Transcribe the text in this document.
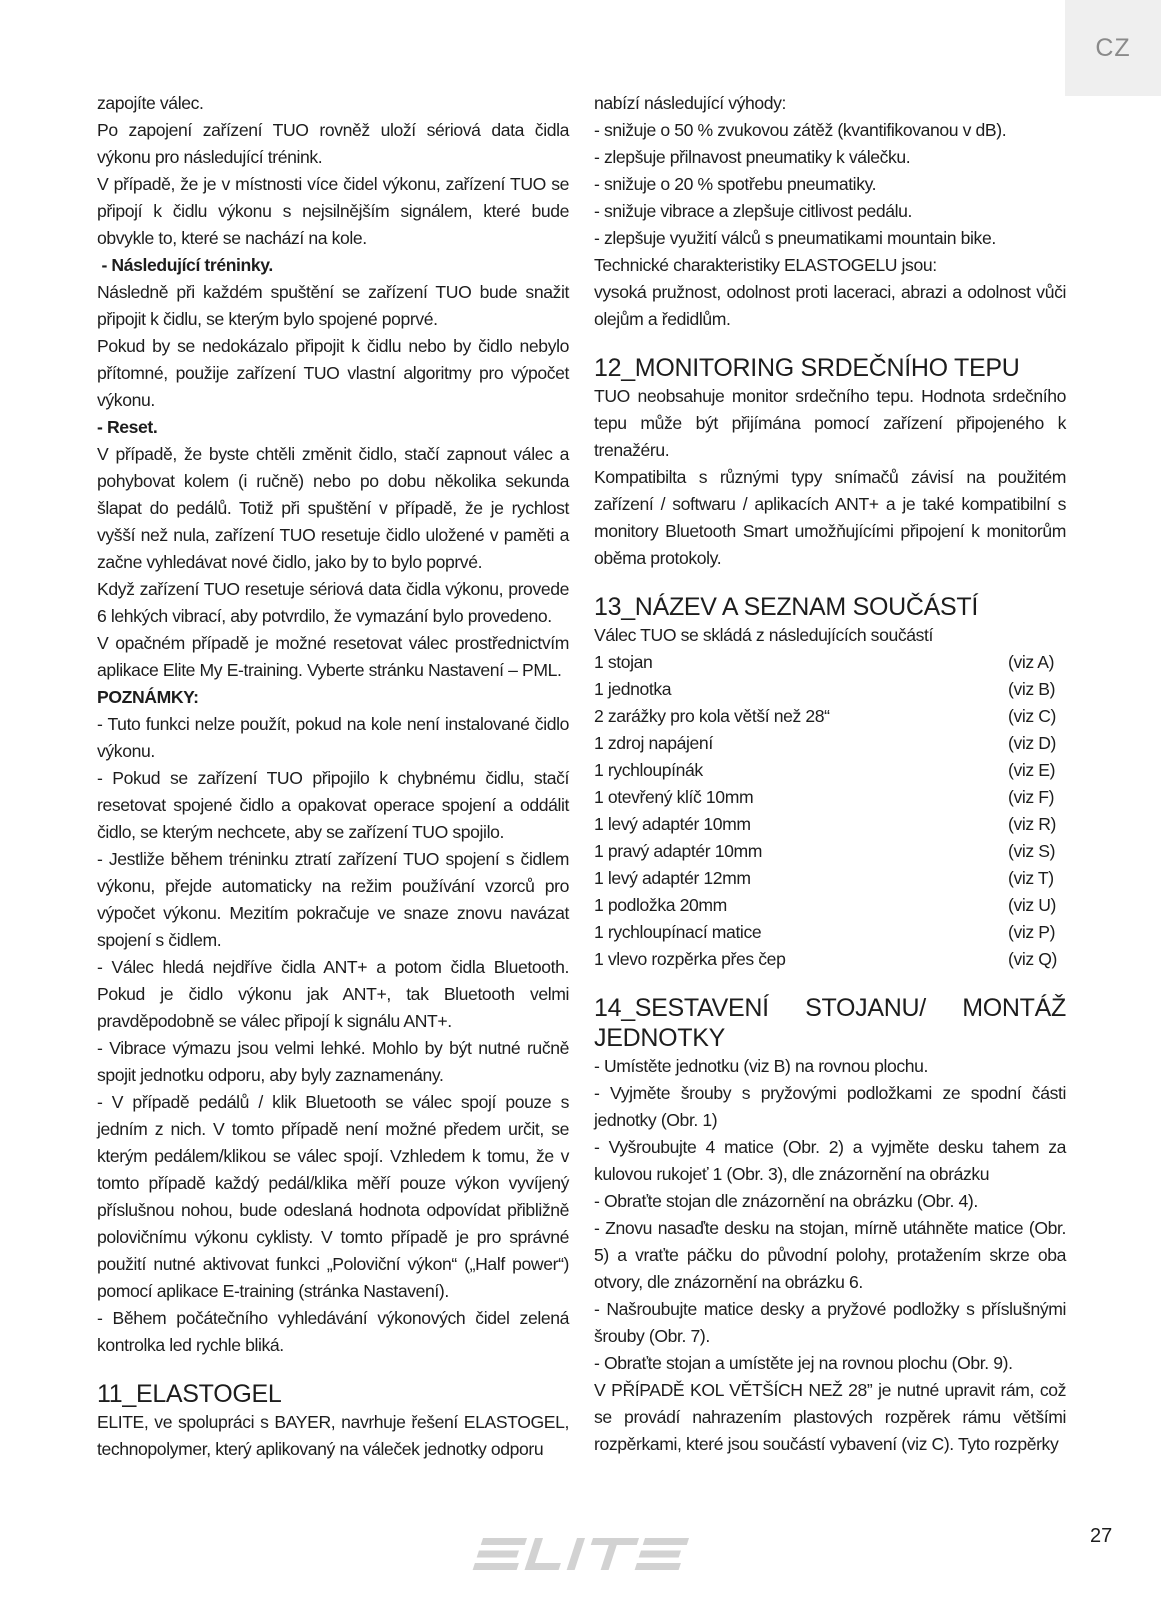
CZ

zapojíte válec.

Po zapojení zařízení TUO rovněž uloží sériová data čidla výkonu pro následující trénink.

V případě, že je v místnosti více čidel výkonu, zařízení TUO se připojí k čidlu výkonu s nejsilnějším signálem, které bude obvykle to, které se nachází na kole.

- Následující tréninky.

Následně při každém spuštění se zařízení TUO bude snažit připojit k čidlu, se kterým bylo spojené poprvé.

Pokud by se nedokázalo připojit k čidlu nebo by čidlo nebylo přítomné, použije zařízení TUO vlastní algoritmy pro výpočet výkonu.

- Reset.

V případě, že byste chtěli změnit čidlo, stačí zapnout válec a pohybovat kolem (i ručně) nebo po dobu několika sekunda šlapat do pedálů. Totiž při spuštění v případě, že je rychlost vyšší než nula, zařízení TUO resetuje čidlo uložené v paměti a začne vyhledávat nové čidlo, jako by to bylo poprvé.

Když zařízení TUO resetuje sériová data čidla výkonu, provede 6 lehkých vibrací, aby potvrdilo, že vymazání bylo provedeno.

V opačném případě je možné resetovat válec prostřednictvím aplikace Elite My E-training. Vyberte stránku Nastavení – PML.

POZNÁMKY:

- Tuto funkci nelze použít, pokud na kole není instalované čidlo výkonu.

- Pokud se zařízení TUO připojilo k chybnému čidlu, stačí resetovat spojené čidlo a opakovat operace spojení a oddálit čidlo, se kterým nechcete, aby se zařízení TUO spojilo.

- Jestliže během tréninku ztratí zařízení TUO spojení s čidlem výkonu, přejde automaticky na režim používání vzorců pro výpočet výkonu. Mezitím pokračuje ve snaze znovu navázat spojení s čidlem.

- Válec hledá nejdříve čidla ANT+ a potom čidla Bluetooth. Pokud je čidlo výkonu jak ANT+, tak Bluetooth velmi pravděpodobně se válec připojí k signálu ANT+.

- Vibrace výmazu jsou velmi lehké. Mohlo by být nutné ručně spojit jednotku odporu, aby byly zaznamenány.

- V případě pedálů / klik Bluetooth se válec spojí pouze s jedním z nich. V tomto případě není možné předem určit, se kterým pedálem/klikou se válec spojí. Vzhledem k tomu, že v tomto případě každý pedál/klika měří pouze výkon vyvíjený příslušnou nohou, bude odeslaná hodnota odpovídat přibližně polovičnímu výkonu cyklisty. V tomto případě je pro správné použití nutné aktivovat funkci „Poloviční výkon“ („Half power“) pomocí aplikace E-training (stránka Nastavení).

- Během počátečního vyhledávání výkonových čidel zelená kontrolka led rychle bliká.

11_ELASTOGEL

ELITE, ve spolupráci s BAYER, navrhuje řešení ELASTOGEL, technopolymer, který aplikovaný na váleček jednotky odporu

nabízí následující výhody:

- snižuje o 50 % zvukovou zátěž (kvantifikovanou v dB).

- zlepšuje přilnavost pneumatiky k válečku.

- snižuje o 20 % spotřebu pneumatiky.

- snižuje vibrace a zlepšuje citlivost pedálu.

- zlepšuje využití válců s pneumatikami mountain bike.

Technické charakteristiky ELASTOGELU jsou:

vysoká pružnost, odolnost proti laceraci, abrazi a odolnost vůči olejům a ředidlům.

12_MONITORING SRDEČNÍHO TEPU

TUO neobsahuje monitor srdečního tepu. Hodnota srdečního tepu může být přijímána pomocí zařízení připojeného k trenažéru.

Kompatibilta s různými typy snímačů závisí na použitém zařízení / softwaru / aplikacích ANT+ a je také kompatibilní s monitory Bluetooth Smart umožňujícími připojení k monitorům oběma protokoly.

13_NÁZEV A SEZNAM SOUČÁSTÍ

Válec TUO se skládá z následujících součástí

1 stojan	(viz A)
1 jednotka	(viz B)
2 zarážky pro kola větší než 28“	(viz C)
1 zdroj napájení	(viz D)
1 rychloupínák	(viz E)
1 otevřený klíč 10mm	(viz F)
1 levý adaptér 10mm	(viz R)
1 pravý adaptér 10mm	(viz S)
1 levý adaptér 12mm	(viz T)
1 podložka 20mm	(viz U)
1 rychloupínací matice	(viz P)
1 vlevo rozpěrka přes čep	(viz Q)
14_SESTAVENÍ STOJANU/ MONTÁŽ
JEDNOTKY

- Umístěte jednotku (viz B) na rovnou plochu.

- Vyjměte šrouby s pryžovými podložkami ze spodní části jednotky (Obr. 1)

- Vyšroubujte 4 matice (Obr. 2) a vyjměte desku tahem za kulovou rukojeť 1 (Obr. 3), dle znázornění na obrázku

- Obraťte stojan dle znázornění na obrázku (Obr. 4).

- Znovu nasaďte desku na stojan, mírně utáhněte matice (Obr. 5) a vraťte páčku do původní polohy, protažením skrze oba otvory, dle znázornění na obrázku 6.

- Našroubujte matice desky a pryžové podložky s příslušnými šrouby (Obr. 7).

- Obraťte stojan a umístěte jej na rovnou plochu (Obr. 9).

V PŘÍPADĚ KOL VĚTŠÍCH NEŽ 28” je nutné upravit rám, což se provádí nahrazením plastových rozpěrek rámu většími rozpěrkami, které jsou součástí vybavení (viz C). Tyto rozpěrky

27
